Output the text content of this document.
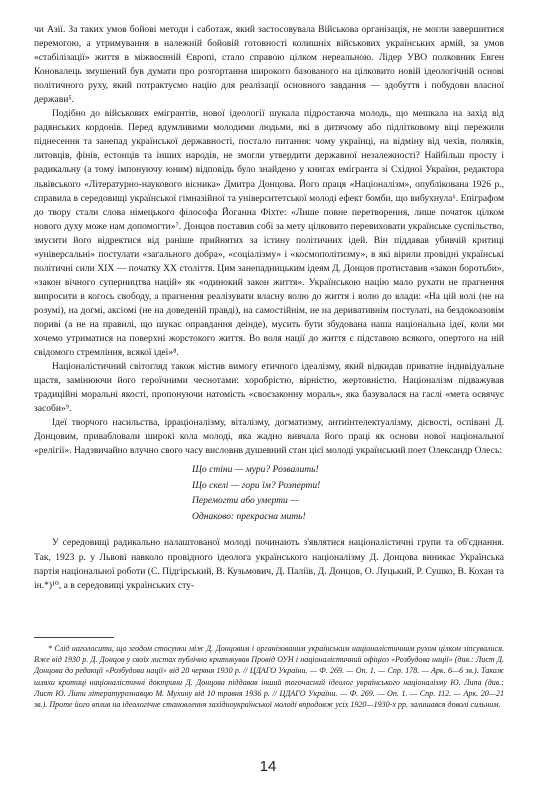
чи Азії. За таких умов бойові методи і саботаж, який застосовувала Військова організація, не могли завершитися перемогою, а утримування в належній бойовій готовності колишніх військових українських армій, за умов «стабілізації» життя в міжвоєнній Європі, стало справою цілком нереальною. Лідер УВО полковник Евген Коновалець змушений був думати про розгортання широкого базованого на цілковито новій ідеологічній основі політичного руху, який потрактуємо націю для реалізації основного завдання — здобуття і побудови власної держави⁵.

Подібно до військових емігрантів, нової ідеології шукала підростаюча молодь, що мешкала на захід від радянських кордонів. Перед вдумливими молодими людьми, які в дитячому або підлітковому віці пережили піднесення та занепад української державності, постало питання: чому українці, на відміну від чехів, поляків, литовців, фінів, естонців та інших народів, не змогли утвердити державної незалежності? Найбільш просту і радикальну (а тому імпонуючу юним) відповідь було знайдено у книгах емігранта зі Східної України, редактора львівського «Літературно-наукового вісника» Дмитра Донцова. Його праця «Націоналізм», опублікована 1926 р., справила в середовищі української гімназійної та університетської молоді ефект бомби, що вибухнула⁶. Епіграфом до твору стали слова німецького філософа Йоганна Фіхте: «Лише повне перетворення, лише початок цілком нового духу може нам допомогти»⁷. Донцов поставив собі за мету цілковито перевиховати українське суспільство, змусити його відректися від раніше прийнятих за істину політичних ідей. Він піддавав убивчій критиці «універсальні» постулати «загального добра», «соціалізму» і «космополітизму», в які вірили провідні українські політичні сили XIX — початку XX століття. Цим занепадницьким ідеям Д. Донцов протиставив «закон боротьби», «закон вічного суперництва націй» як «одинокий закон життя». Українською націю мало рухати не прагнення випросити в когось свободу, а прагнення реалізувати власну волю до життя і волю до влади: «На цій волі (не на розумі), на догмі, аксіомі (не на доведеній правді), на самостійнім, не на деривативнім постулаті, на бездокоазовім пориві (а не на правилі, що шукає оправдання деінде), мусить бути збудована наша національна ідеї, коли ми хочемо утриматися на поверхні жорстокого життя. Во воля нації до життя є підставою всякого, опертого на ній свідомого стремління, всякої ідеї»⁸.

Націоналістичний світогляд також містив вимогу етичного ідеалізму, який відкидав приватне індивідуальне щастя, замінюючи його героїчними чеснотами: хоробрістю, вірністю, жертовністю. Націоналізм підважував традиційні моральні якості, пропонуючи натомість «своєзаконну мораль», яка базувалася на гаслі «мета освячує засоби»⁹.

Ідеї творчого насильства, ірраціоналізму, віталізму, догматизму, антиінтелектуалізму, дієвості, оспівані Д. Донцовим, привабловали широкі кола молоді, яка жадно вивчала його праці як основи нової національної «релігії». Надзвичайно влучно свого часу висловив душевний стан цієї молоді український поет Олександр Олесь:

Що стіни — мури? Розвалить!
Що скелі — гори їм? Розперти!
Перемогти або умерти —
Однаково: прекрасна мить!

У середовищі радикально налаштованої молоді починають з'являтися націоналістичні групи та об'єднання. Так, 1923 р. у Львові навколо провідного ідеолога українського націоналізму Д. Донцова виникає Українська партія національної роботи (С. Підгірський, В. Кузьмович, Д. Паліїв, Д. Донцов, О. Луцький, Р. Сушко, В. Кохан та ін.*)¹⁰, а в середовищі українських сту-

* Слід наголосити, що згодом стосунки між Д. Донцовим і організованим українським націоналістичним рухом цілком зіпсувалися. Вже від 1930 р. Д. Донцов у своїх листах публічно критикував Провід ОУН і націоналістичний офіціоз «Розбудова нації» (див.: Лист Д. Донцова до редакції «Розбудови нації» від 20 червня 1930 р. // ЦДАГО України. — Ф. 269. — Оп. 1. — Спр. 178. — Арк. 6—6 зв.). Також шляхи критиці націоналістичні доктрини Д. Донцова піддавав інший тогочасний ідеолог українського націоналізму Ю. Липа (див.: Лист Ю. Липи літературознавцю М. Мухину від 10 травня 1936 р. // ЦДАГО України. — Ф. 269. — Оп. 1. — Спр. 112. — Арк. 20—21 зв.). Проте його вплив на ідеологічне становлення західноукраїнської молоді впродовж усіх 1920—1930-х рр. залишався доволі сильним.
14
